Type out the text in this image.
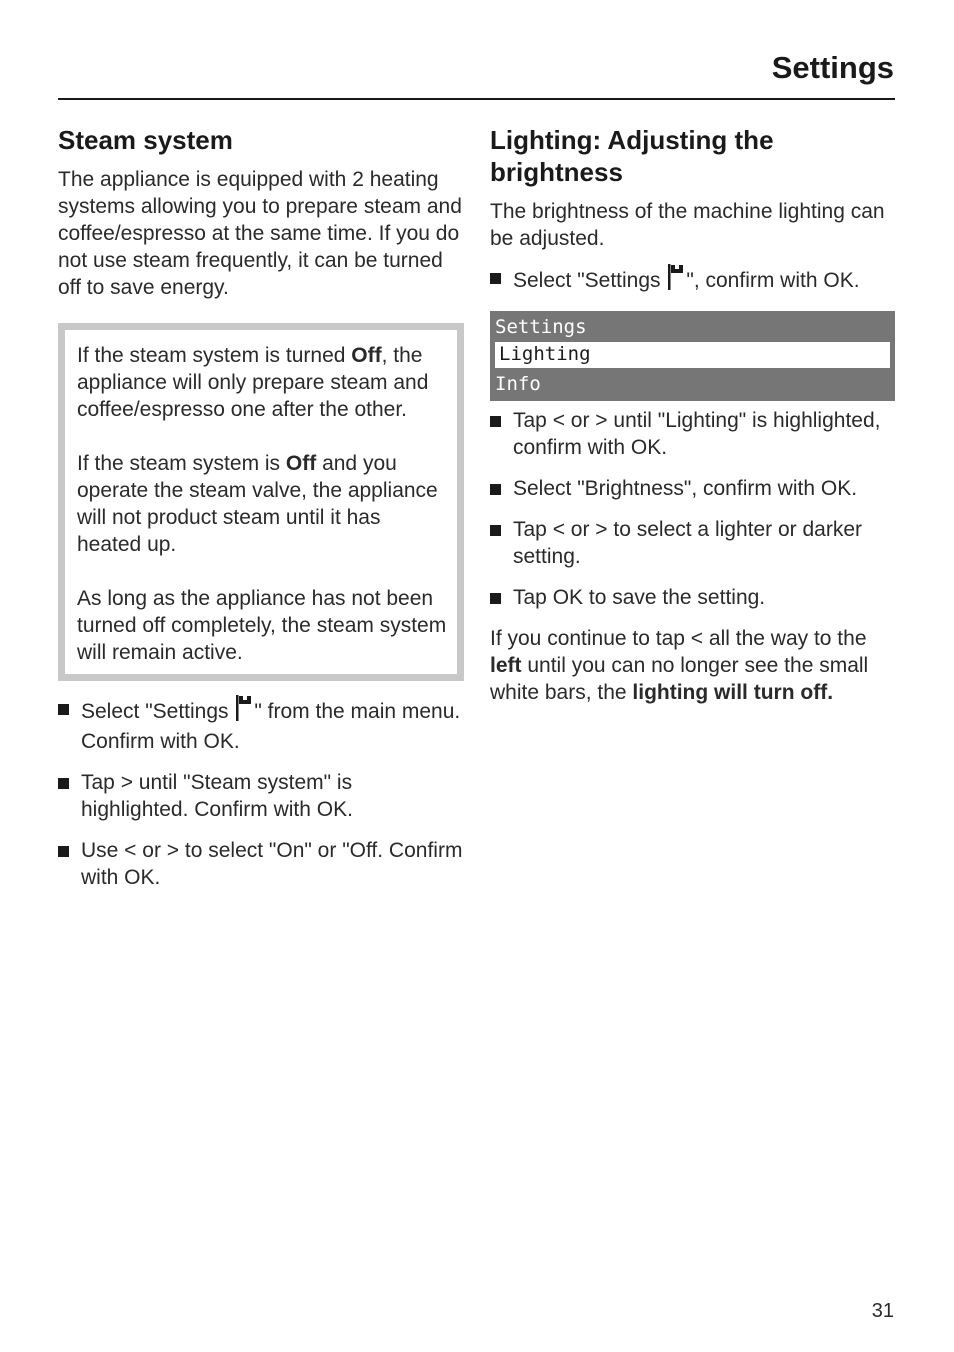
Settings
Steam system

The appliance is equipped with 2 heating systems allowing you to prepare steam and coffee/espresso at the same time. If you do not use steam frequently, it can be turned off to save energy.

If the steam system is turned Off, the appliance will only prepare steam and coffee/espresso one after the other.

If the steam system is Off and you operate the steam valve, the appliance will not product steam until it has heated up.

As long as the appliance has not been turned off completely, the steam system will remain active.

Select "Settings " from the main menu. Confirm with OK.
Tap > until "Steam system" is highlighted. Confirm with OK.
Use < or > to select "On" or "Off. Confirm with OK.
Lighting: Adjusting the brightness

The brightness of the machine lighting can be adjusted.

Select "Settings ", confirm with OK.
Settings
Lighting
Info
Tap < or > until "Lighting" is highlighted, confirm with OK.
Select "Brightness", confirm with OK.
Tap < or > to select a lighter or darker setting.
Tap OK to save the setting.

If you continue to tap < all the way to the left until you can no longer see the small white bars, the lighting will turn off.

31
